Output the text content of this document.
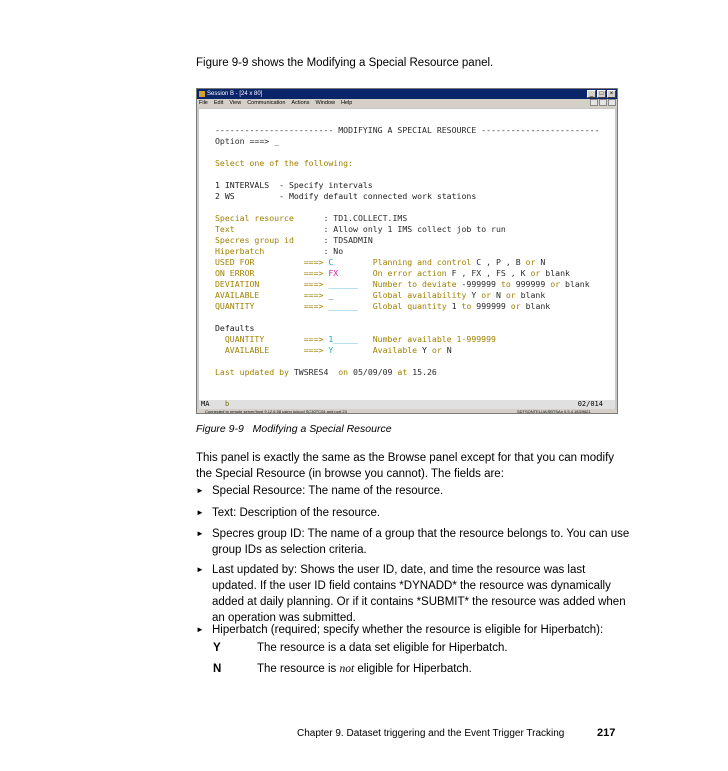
Figure 9-9 shows the Modifying a Special Resource panel.
Session B - [24 x 80]	_	□	×
File Edit View Communication Actions Window Help
------------------------ MODIFYING A SPECIAL RESOURCE ------------------------
Option ===> _

Select one of the following:

1 INTERVALS  - Specify intervals
2 WS         - Modify default connected work stations

Special resource      : TD1.COLLECT.IMS
Text                  : Allow only 1 IMS collect job to run
Specres group id      : TDSADMIN
Hiperbatch            : No
USED FOR          ===> C        Planning and control C , P , B or N
ON ERROR          ===> FX       On error action F , FX , FS , K or blank
DEVIATION         ===> ______   Number to deviate -999999 to 999999 or blank
AVAILABLE         ===> _        Global availability Y or N or blank
QUANTITY          ===> ______   Global quantity 1 to 999999 or blank

Defaults
QUANTITY        ===> 1_____   Number available 1-999999
AVAILABLE       ===> Y        Available Y or N

Last updated by TWSRES4  on 05/09/09 at 15.26
MA b	02/014
Connected to remote server/host 9.12.6.58 using lu/pool SC30TC04 and port 23	SDTSONTELUA|SBTSAn 0.5.4.183/9821
Figure 9-9 Modifying a Special Resource
This panel is exactly the same as the Browse panel except for that you can modify the Special Resource (in browse you cannot). The fields are:
► Special Resource: The name of the resource.
► Text: Description of the resource.
► Specres group ID: The name of a group that the resource belongs to. You can use group IDs as selection criteria.
► Last updated by: Shows the user ID, date, and time the resource was last updated. If the user ID field contains *DYNADD* the resource was dynamically added at daily planning. Or if it contains *SUBMIT* the resource was added when an operation was submitted.
► Hiperbatch (required; specify whether the resource is eligible for Hiperbatch):
Y	The resource is a data set eligible for Hiperbatch.
N	The resource is not eligible for Hiperbatch.
Chapter 9. Dataset triggering and the Event Trigger Tracking	217
